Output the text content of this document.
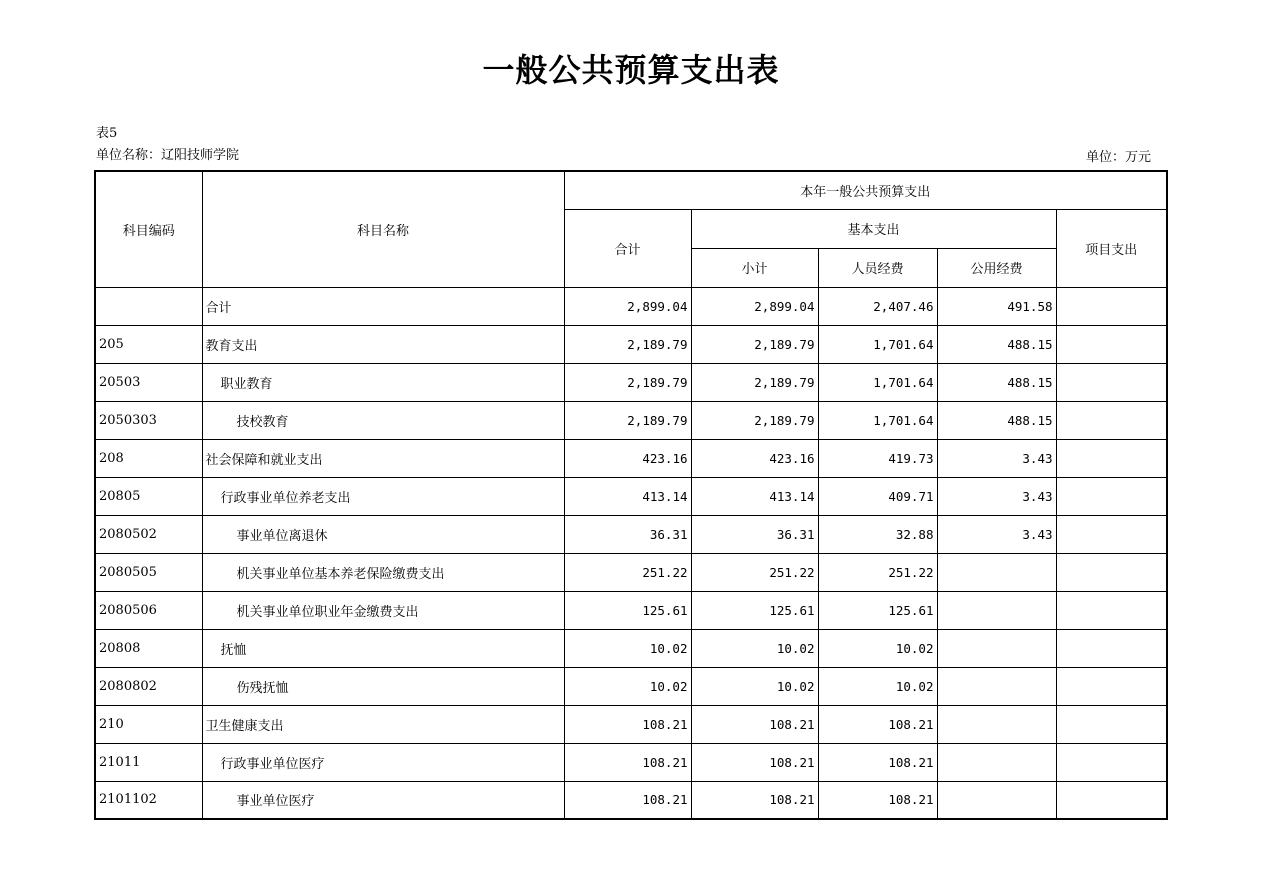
一般公共预算支出表
表5
单位名称：辽阳技师学院	单位：万元
科目编码	科目名称	本年一般公共预算支出				
		合计	基本支出			项目支出
			小计	人员经费	公用经费	
	合计	2,899.04	2,899.04	2,407.46	491.58	
205	教育支出	2,189.79	2,189.79	1,701.64	488.15	
20503	职业教育	2,189.79	2,189.79	1,701.64	488.15	
2050303	技校教育	2,189.79	2,189.79	1,701.64	488.15	
208	社会保障和就业支出	423.16	423.16	419.73	3.43	
20805	行政事业单位养老支出	413.14	413.14	409.71	3.43	
2080502	事业单位离退休	36.31	36.31	32.88	3.43	
2080505	机关事业单位基本养老保险缴费支出	251.22	251.22	251.22		
2080506	机关事业单位职业年金缴费支出	125.61	125.61	125.61		
20808	抚恤	10.02	10.02	10.02		
2080802	伤残抚恤	10.02	10.02	10.02		
210	卫生健康支出	108.21	108.21	108.21		
21011	行政事业单位医疗	108.21	108.21	108.21		
2101102	事业单位医疗	108.21	108.21	108.21		
